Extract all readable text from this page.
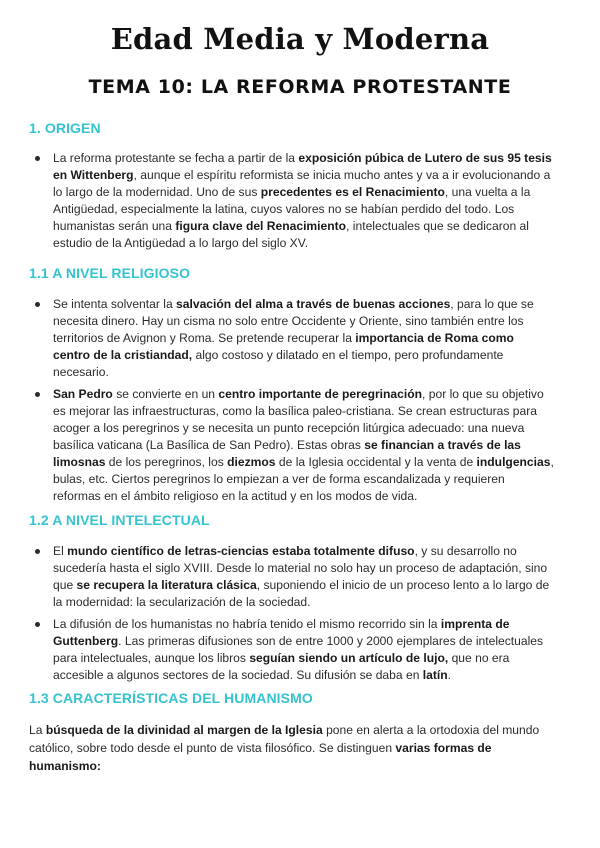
Edad Media y Moderna
TEMA 10: LA REFORMA PROTESTANTE
1. ORIGEN
La reforma protestante se fecha a partir de la exposición púbica de Lutero de sus 95 tesis en Wittenberg, aunque el espíritu reformista se inicia mucho antes y va a ir evolucionando a lo largo de la modernidad. Uno de sus precedentes es el Renacimiento, una vuelta a la Antigüedad, especialmente la latina, cuyos valores no se habían perdido del todo. Los humanistas serán una figura clave del Renacimiento, intelectuales que se dedicaron al estudio de la Antigüedad a lo largo del siglo XV.
1.1 A NIVEL RELIGIOSO
Se intenta solventar la salvación del alma a través de buenas acciones, para lo que se necesita dinero. Hay un cisma no solo entre Occidente y Oriente, sino también entre los territorios de Avignon y Roma. Se pretende recuperar la importancia de Roma como centro de la cristiandad, algo costoso y dilatado en el tiempo, pero profundamente necesario.
San Pedro se convierte en un centro importante de peregrinación, por lo que su objetivo es mejorar las infraestructuras, como la basílica paleo-cristiana. Se crean estructuras para acoger a los peregrinos y se necesita un punto recepción litúrgica adecuado: una nueva basílica vaticana (La Basílica de San Pedro). Estas obras se financian a través de las limosnas de los peregrinos, los diezmos de la Iglesia occidental y la venta de indulgencias, bulas, etc. Ciertos peregrinos lo empiezan a ver de forma escandalizada y requieren reformas en el ámbito religioso en la actitud y en los modos de vida.
1.2 A NIVEL INTELECTUAL
El mundo científico de letras-ciencias estaba totalmente difuso, y su desarrollo no sucedería hasta el siglo XVIII. Desde lo material no solo hay un proceso de adaptación, sino que se recupera la literatura clásica, suponiendo el inicio de un proceso lento a lo largo de la modernidad: la secularización de la sociedad.
La difusión de los humanistas no habría tenido el mismo recorrido sin la imprenta de Guttenberg. Las primeras difusiones son de entre 1000 y 2000 ejemplares de intelectuales para intelectuales, aunque los libros seguían siendo un artículo de lujo, que no era accesible a algunos sectores de la sociedad. Su difusión se daba en latín.
1.3 CARACTERÍSTICAS DEL HUMANISMO
La búsqueda de la divinidad al margen de la Iglesia pone en alerta a la ortodoxia del mundo católico, sobre todo desde el punto de vista filosófico. Se distinguen varias formas de humanismo:
